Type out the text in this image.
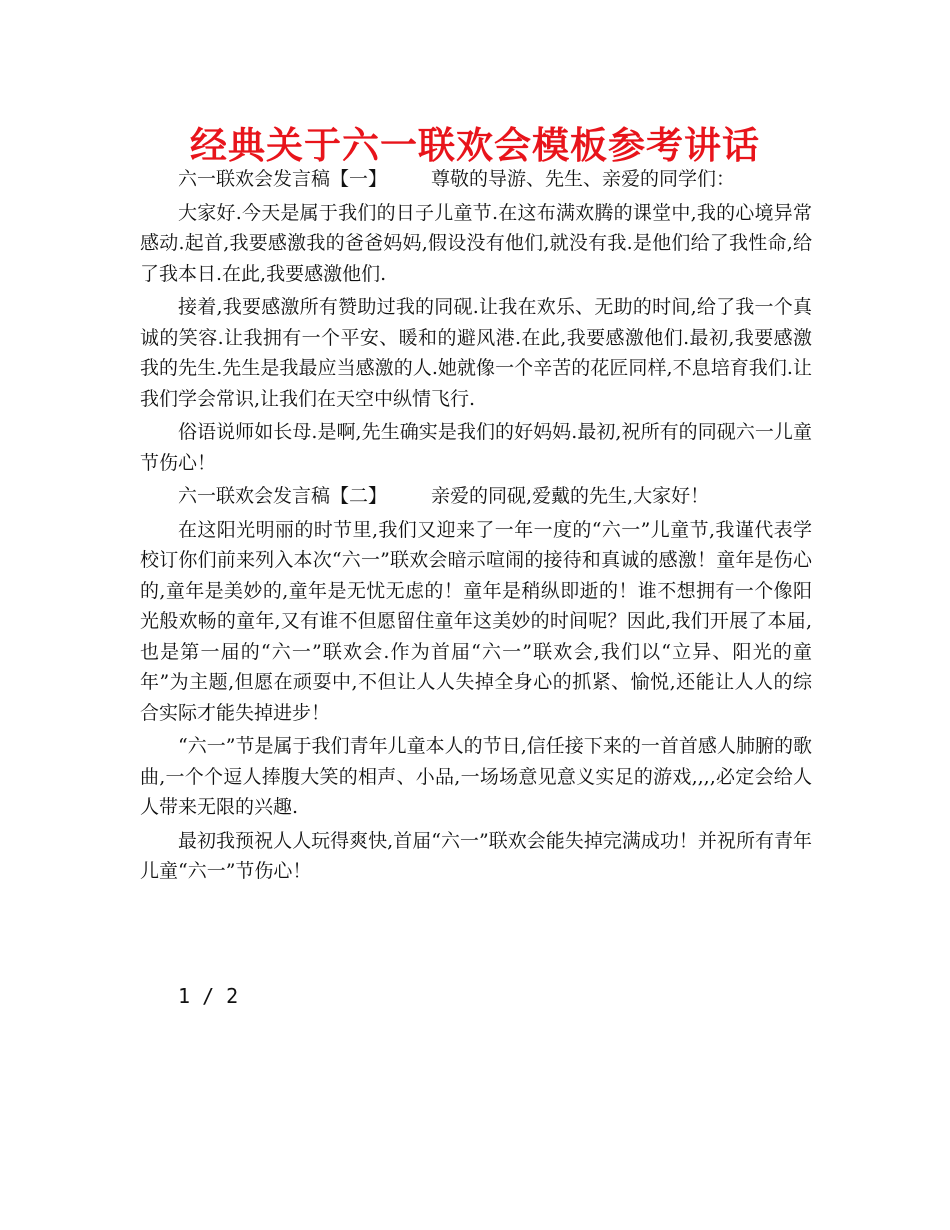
经典关于六一联欢会模板参考讲话

六一联欢会发言稿【一】 尊敬的导游、先生、亲爱的同学们：

大家好.今天是属于我们的日子儿童节.在这布满欢腾的课堂中,我的心境异常感动.起首,我要感激我的爸爸妈妈,假设没有他们,就没有我.是他们给了我性命,给了我本日.在此,我要感激他们.

接着,我要感激所有赞助过我的同砚.让我在欢乐、无助的时间,给了我一个真诚的笑容.让我拥有一个平安、暖和的避风港.在此,我要感激他们.最初,我要感激我的先生.先生是我最应当感激的人.她就像一个辛苦的花匠同样,不息培育我们.让我们学会常识,让我们在天空中纵情飞行.

俗语说师如长母.是啊,先生确实是我们的好妈妈.最初,祝所有的同砚六一儿童节伤心！

六一联欢会发言稿【二】 亲爱的同砚,爱戴的先生,大家好！

在这阳光明丽的时节里,我们又迎来了一年一度的“六一”儿童节,我谨代表学校订你们前来列入本次“六一”联欢会暗示喧闹的接待和真诚的感激！童年是伤心的,童年是美妙的,童年是无忧无虑的！童年是稍纵即逝的！谁不想拥有一个像阳光般欢畅的童年,又有谁不但愿留住童年这美妙的时间呢？因此,我们开展了本届,也是第一届的“六一”联欢会.作为首届“六一”联欢会,我们以“立异、阳光的童年”为主题,但愿在顽耍中,不但让人人失掉全身心的抓紧、愉悦,还能让人人的综合实际才能失掉进步！

“六一”节是属于我们青年儿童本人的节日,信任接下来的一首首感人肺腑的歌曲,一个个逗人捧腹大笑的相声、小品,一场场意见意义实足的游戏,,,,必定会给人人带来无限的兴趣.

最初我预祝人人玩得爽快,首届“六一”联欢会能失掉完满成功！并祝所有青年儿童“六一”节伤心！

1 / 2
